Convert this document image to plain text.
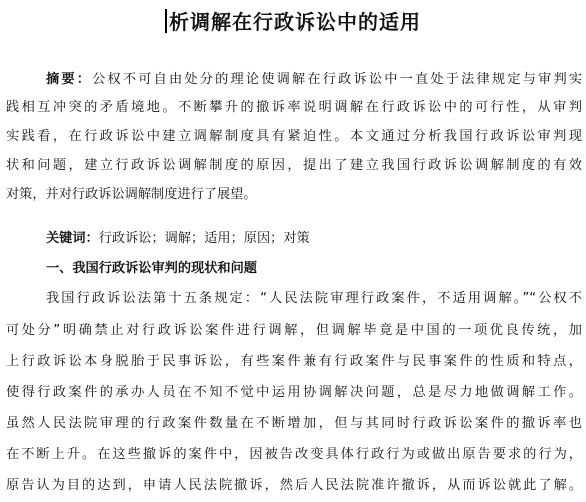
析调解在行政诉讼中的适用
摘要：公权不可自由处分的理论使调解在行政诉讼中一直处于法律规定与审判实
践相互冲突的矛盾境地。不断攀升的撤诉率说明调解在行政诉讼中的可行性，从审判
实践看，在行政诉讼中建立调解制度具有紧迫性。本文通过分析我国行政诉讼审判现
状和问题，建立行政诉讼调解制度的原因，提出了建立我国行政诉讼调解制度的有效
对策，并对行政诉讼调解制度进行了展望。
关键词：行政诉讼；调解；适用；原因；对策
一、我国行政诉讼审判的现状和问题
我国行政诉讼法第十五条规定：“人民法院审理行政案件，不适用调解。”“公权不
可处分”明确禁止对行政诉讼案件进行调解，但调解毕竟是中国的一项优良传统，加
上行政诉讼本身脱胎于民事诉讼，有些案件兼有行政案件与民事案件的性质和特点，
使得行政案件的承办人员在不知不觉中运用协调解决问题，总是尽力地做调解工作。
虽然人民法院审理的行政案件数量在不断增加，但与其同时行政诉讼案件的撤诉率也
在不断上升。在这些撤诉的案件中，因被告改变具体行政行为或做出原告要求的行为，
原告认为目的达到，申请人民法院撤诉，然后人民法院准许撤诉，从而诉讼就此了解。
